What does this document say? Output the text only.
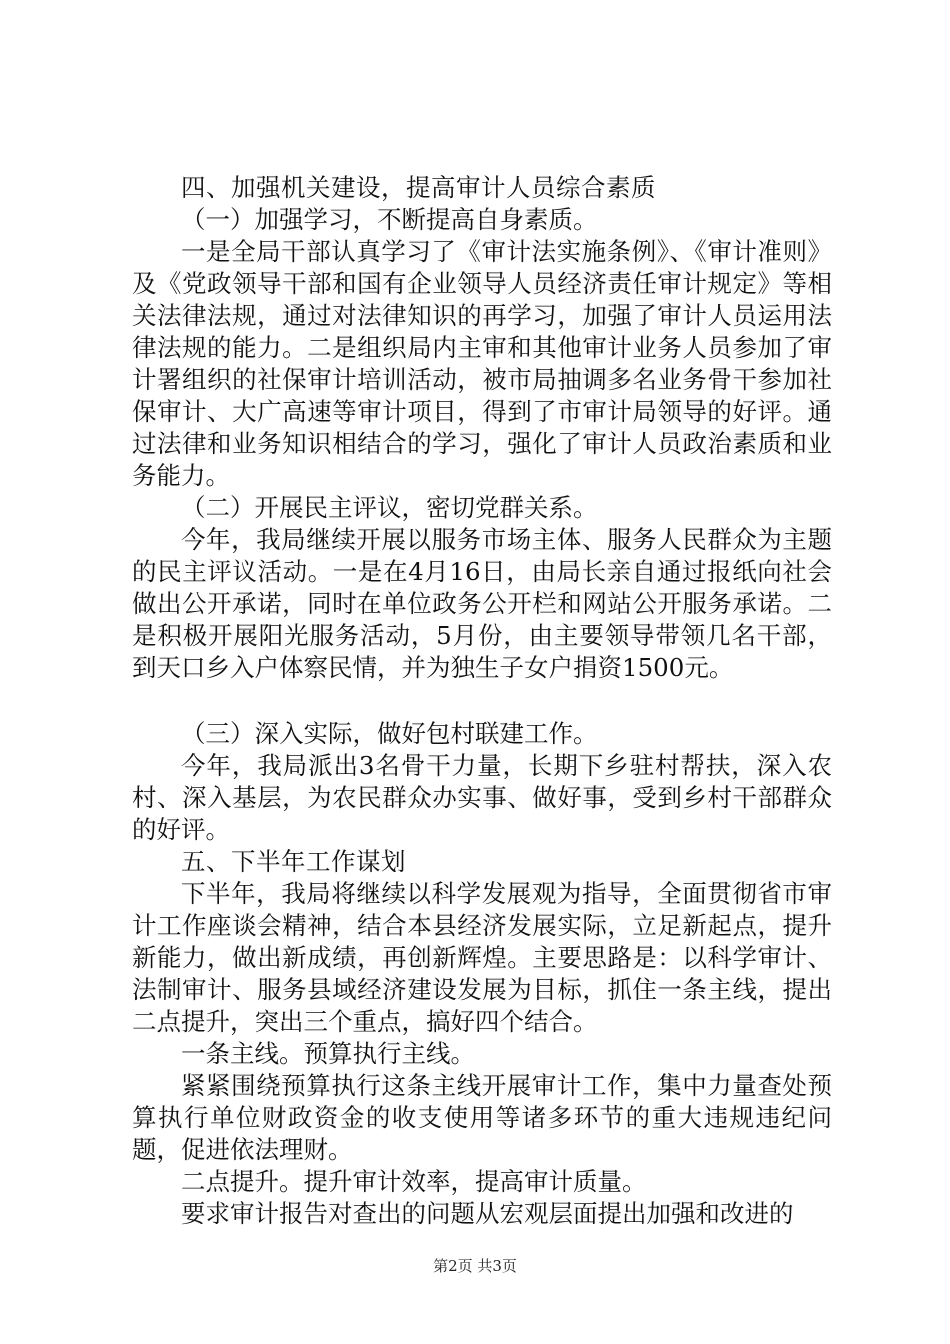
四、加强机关建设，提高审计人员综合素质

（一）加强学习，不断提高自身素质。

一是全局干部认真学习了《审计法实施条例》、《审计准则》及《党政领导干部和国有企业领导人员经济责任审计规定》等相关法律法规，通过对法律知识的再学习，加强了审计人员运用法律法规的能力。二是组织局内主审和其他审计业务人员参加了审计署组织的社保审计培训活动，被市局抽调多名业务骨干参加社保审计、大广高速等审计项目，得到了市审计局领导的好评。通过法律和业务知识相结合的学习，强化了审计人员政治素质和业务能力。

（二）开展民主评议，密切党群关系。

今年，我局继续开展以服务市场主体、服务人民群众为主题的民主评议活动。一是在4月16日，由局长亲自通过报纸向社会做出公开承诺，同时在单位政务公开栏和网站公开服务承诺。二是积极开展阳光服务活动，5月份，由主要领导带领几名干部，到天口乡入户体察民情，并为独生子女户捐资1500元。

（三）深入实际，做好包村联建工作。

今年，我局派出3名骨干力量，长期下乡驻村帮扶，深入农村、深入基层，为农民群众办实事、做好事，受到乡村干部群众的好评。

五、下半年工作谋划

下半年，我局将继续以科学发展观为指导，全面贯彻省市审计工作座谈会精神，结合本县经济发展实际，立足新起点，提升新能力，做出新成绩，再创新辉煌。主要思路是：以科学审计、法制审计、服务县域经济建设发展为目标，抓住一条主线，提出二点提升，突出三个重点，搞好四个结合。

一条主线。预算执行主线。

紧紧围绕预算执行这条主线开展审计工作，集中力量查处预算执行单位财政资金的收支使用等诸多环节的重大违规违纪问题，促进依法理财。

二点提升。提升审计效率，提高审计质量。

要求审计报告对查出的问题从宏观层面提出加强和改进的

第2页 共3页
